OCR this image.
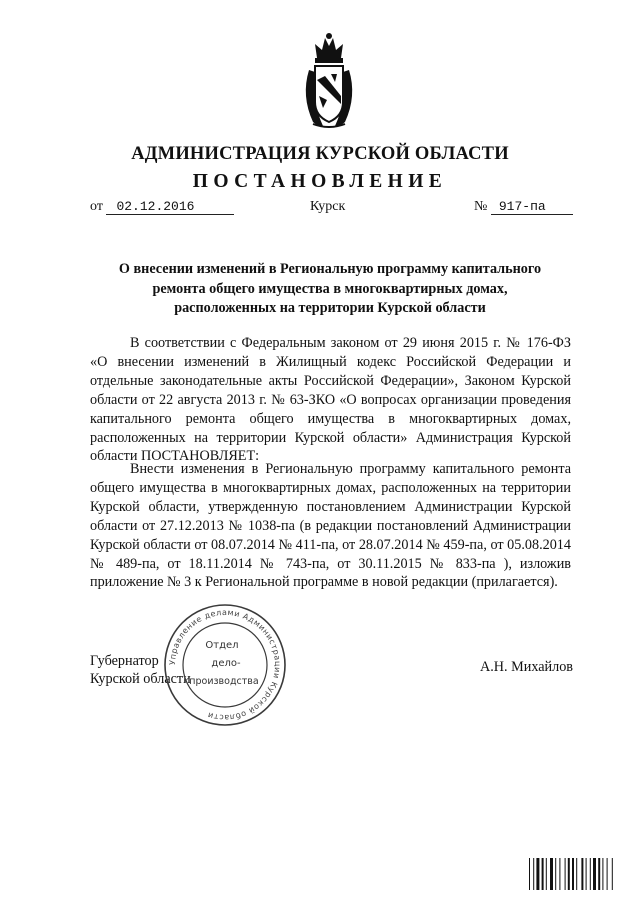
АДМИНИСТРАЦИЯ КУРСКОЙ ОБЛАСТИ
ПОСТАНОВЛЕНИЕ
от 02.12.2016	Курск	№ 917-па
О внесении изменений в Региональную программу капитального
ремонта общего имущества в многоквартирных домах,
расположенных на территории Курской области
В соответствии с Федеральным законом от 29 июня 2015 г. № 176-ФЗ «О внесении изменений в Жилищный кодекс Российской Федерации и отдельные законодательные акты Российской Федерации», Законом Курской области от 22 августа 2013 г. № 63-ЗКО «О вопросах организации проведения капитального ремонта общего имущества в многоквартирных домах, расположенных на территории Курской области» Администрация Курской области ПОСТАНОВЛЯЕТ:
Внести изменения в Региональную программу капитального ремонта общего имущества в многоквартирных домах, расположенных на территории Курской области, утвержденную постановлением Администрации Курской области от 27.12.2013 № 1038-па (в редакции постановлений Администрации Курской области от 08.07.2014 № 411-па, от 28.07.2014 № 459-па, от 05.08.2014 № 489-па, от 18.11.2014 № 743-па, от 30.11.2015 № 833-па ), изложив приложение № 3 к Региональной программе в новой редакции (прилагается).
Губернатор
Курской области
А.Н. Михайлов
Управление делами Администрации Курской области
Отдел
дело-
производства
